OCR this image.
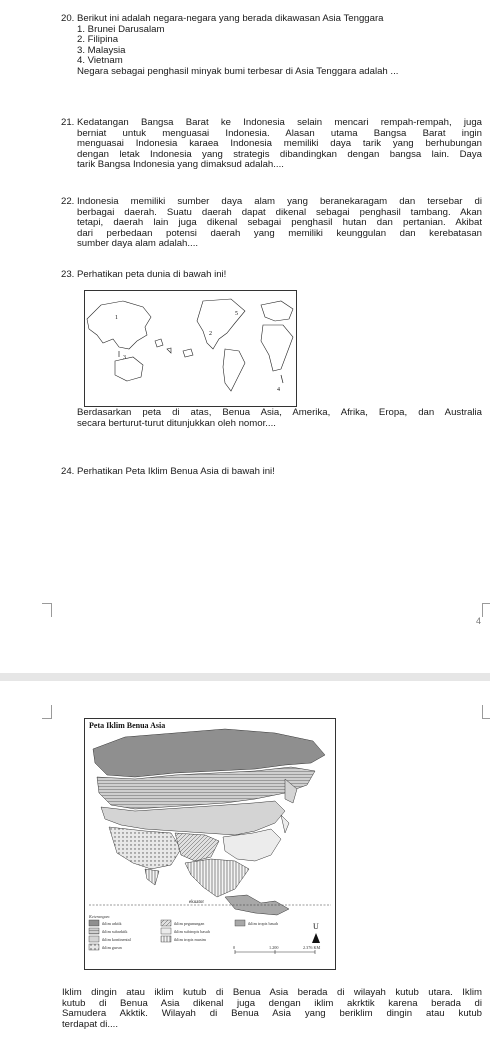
20. Berikut ini adalah negara-negara yang berada dikawasan Asia Tenggara
1. Brunei Darusalam
2. Filipina
3. Malaysia
4. Vietnam
Negara sebagai penghasil minyak bumi terbesar di Asia Tenggara adalah ...
21. Kedatangan Bangsa Barat ke Indonesia selain mencari rempah-rempah, juga
berniat untuk menguasai Indonesia. Alasan utama Bangsa Barat ingin
menguasai Indonesia karaea Indonesia memiliki daya tarik yang berhubungan
dengan letak Indonesia yang strategis dibandingkan dengan bangsa lain. Daya
tarik Bangsa Indonesia yang dimaksud adalah....
22. Indonesia memiliki sumber daya alam yang beranekaragam dan tersebar di
berbagai daerah. Suatu daerah dapat dikenal sebagai penghasil tambang. Akan
tetapi, daerah lain juga dikenal sebagai penghasil hutan dan pertanian. Akibat
dari perbedaan potensi daerah yang memiliki keunggulan dan kerebatasan
sumber daya alam adalah....
23. Perhatikan peta dunia di bawah ini!
1
2
3
4
5
Berdasarkan peta di atas, Benua Asia, Amerika, Afrika, Eropa, dan Australia
secara berturut-turut ditunjukkan oleh nomor....
24. Perhatikan Peta Iklim Benua Asia di bawah ini!
4
Peta Iklim Benua Asia
ekuator
Keterangan:
iklim arktik
iklim subarktik
iklim kontinental
iklim gurun
iklim pegunungan
iklim subtropis basah
iklim tropis musim
iklim tropis basah	U
0	1.200	2.376 KM
Iklim dingin atau iklim kutub di Benua Asia berada di wilayah kutub utara. Iklim
kutub di Benua Asia dikenal juga dengan iklim akrktik karena berada di
Samudera Akktik. Wilayah di Benua Asia yang beriklim dingin atau kutub
terdapat di....
